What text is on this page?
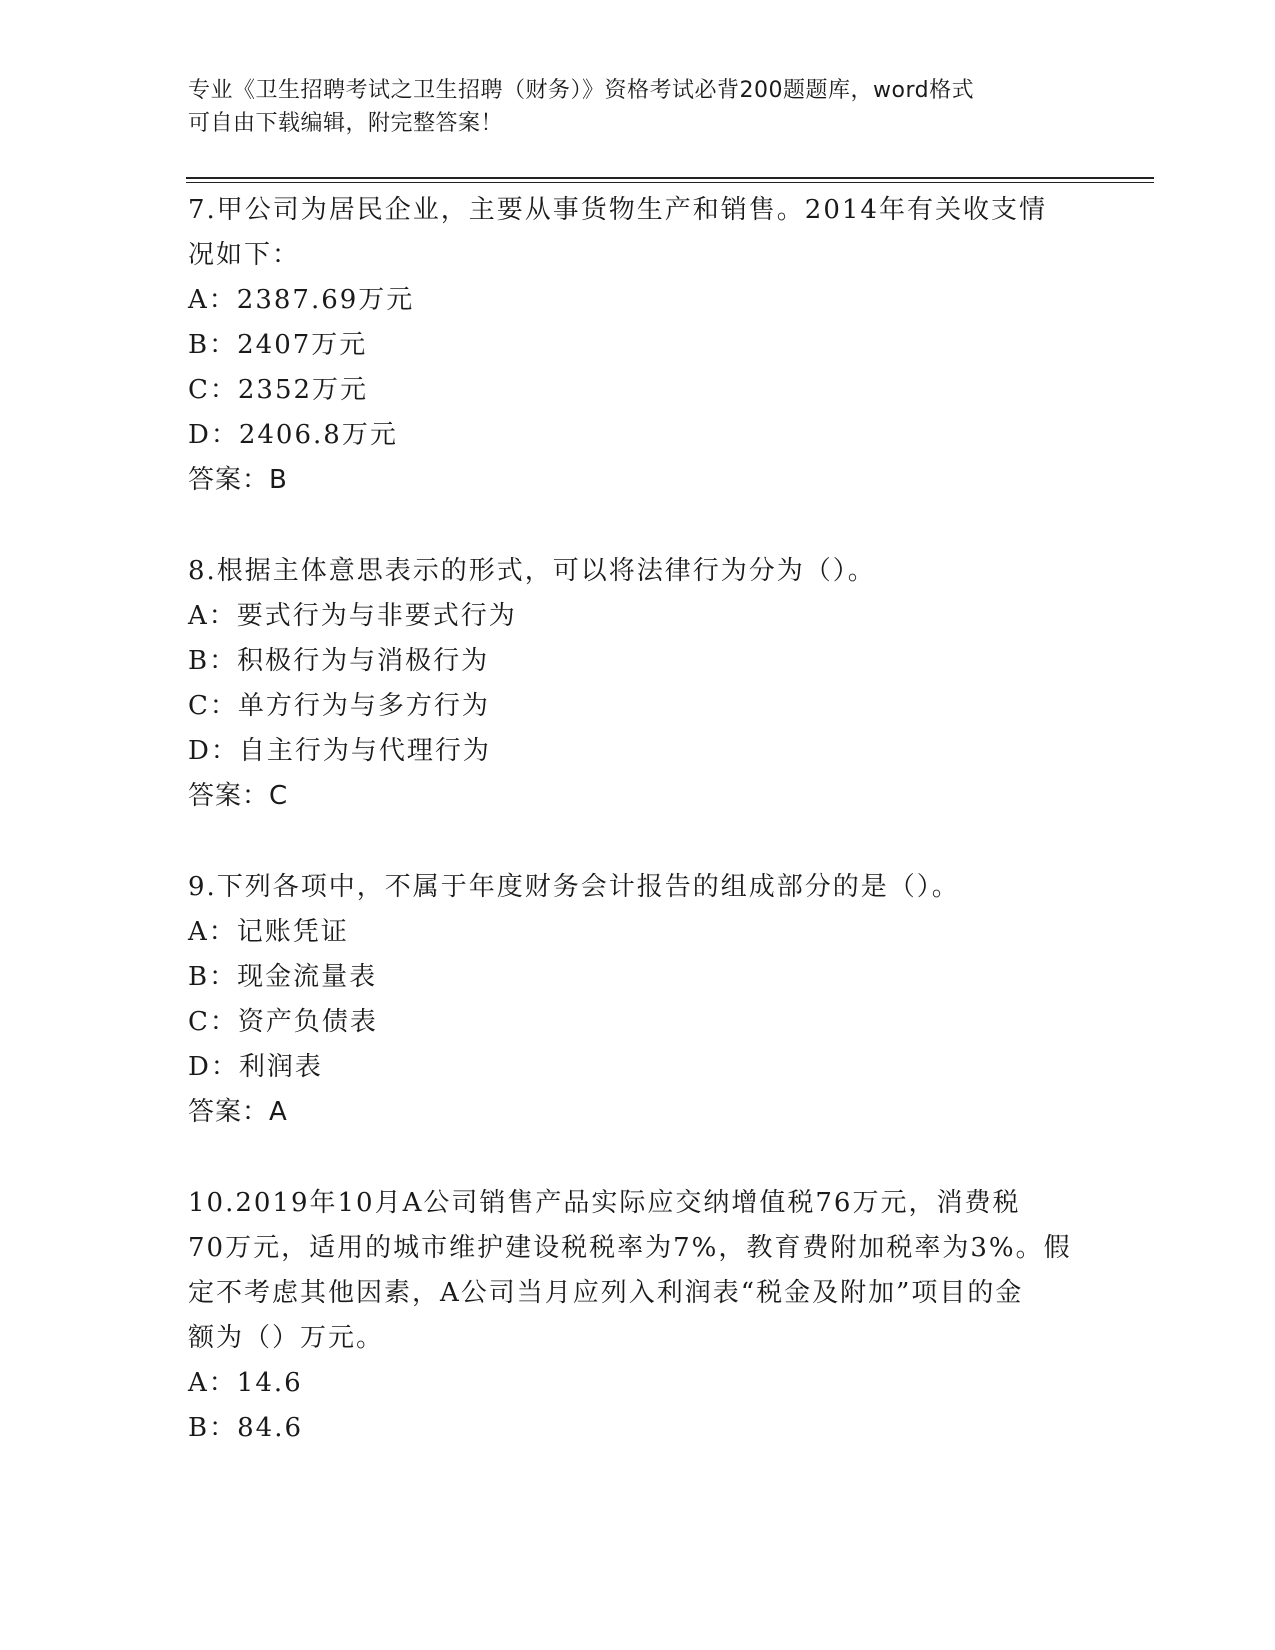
专业《卫生招聘考试之卫生招聘（财务）》资格考试必背200题题库，word格式
可自由下载编辑，附完整答案！
7.甲公司为居民企业，主要从事货物生产和销售。2014年有关收支情
况如下：
A：2387.69万元
B：2407万元
C：2352万元
D：2406.8万元
答案：B
8.根据主体意思表示的形式，可以将法律行为分为（）。
A：要式行为与非要式行为
B：积极行为与消极行为
C：单方行为与多方行为
D：自主行为与代理行为
答案：C
9.下列各项中，不属于年度财务会计报告的组成部分的是（）。
A：记账凭证
B：现金流量表
C：资产负债表
D：利润表
答案：A
10.2019年10月A公司销售产品实际应交纳增值税76万元，消费税
70万元，适用的城市维护建设税税率为7%，教育费附加税率为3%。假
定不考虑其他因素，A公司当月应列入利润表“税金及附加”项目的金
额为（）万元。
A：14.6
B：84.6
